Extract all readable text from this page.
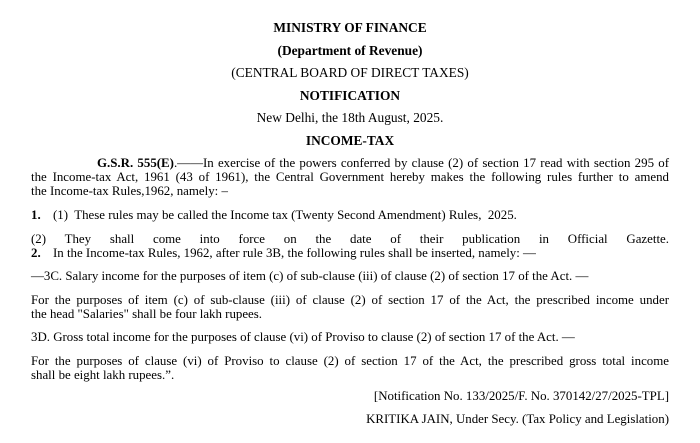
MINISTRY OF FINANCE
(Department of Revenue)
(CENTRAL BOARD OF DIRECT TAXES)
NOTIFICATION
New Delhi, the 18th August, 2025.
INCOME-TAX
G.S.R. 555(E).——In exercise of the powers conferred by clause (2) of section 17 read with section 295 of
the Income-tax Act, 1961 (43 of 1961), the Central Government hereby makes the following rules further to amend
the Income-tax Rules,1962, namely: –
1. (1)  These rules may be called the Income tax (Twenty Second Amendment) Rules,  2025.
(2) They shall come into force on the date of their publication in Official Gazette.
2. In the Income-tax Rules, 1962, after rule 3B, the following rules shall be inserted, namely: —
—3C. Salary income for the purposes of item (c) of sub-clause (iii) of clause (2) of section 17 of the Act. —
For the purposes of item (c) of sub-clause (iii) of clause (2) of section 17 of the Act, the prescribed income under
the head "Salaries" shall be four lakh rupees.
3D. Gross total income for the purposes of clause (vi) of Proviso to clause (2) of section 17 of the Act. —
For the purposes of clause (vi) of Proviso to clause (2) of section 17 of the Act, the prescribed gross total income
shall be eight lakh rupees.”.
[Notification No. 133/2025/F. No. 370142/27/2025-TPL]
KRITIKA JAIN, Under Secy. (Tax Policy and Legislation)
